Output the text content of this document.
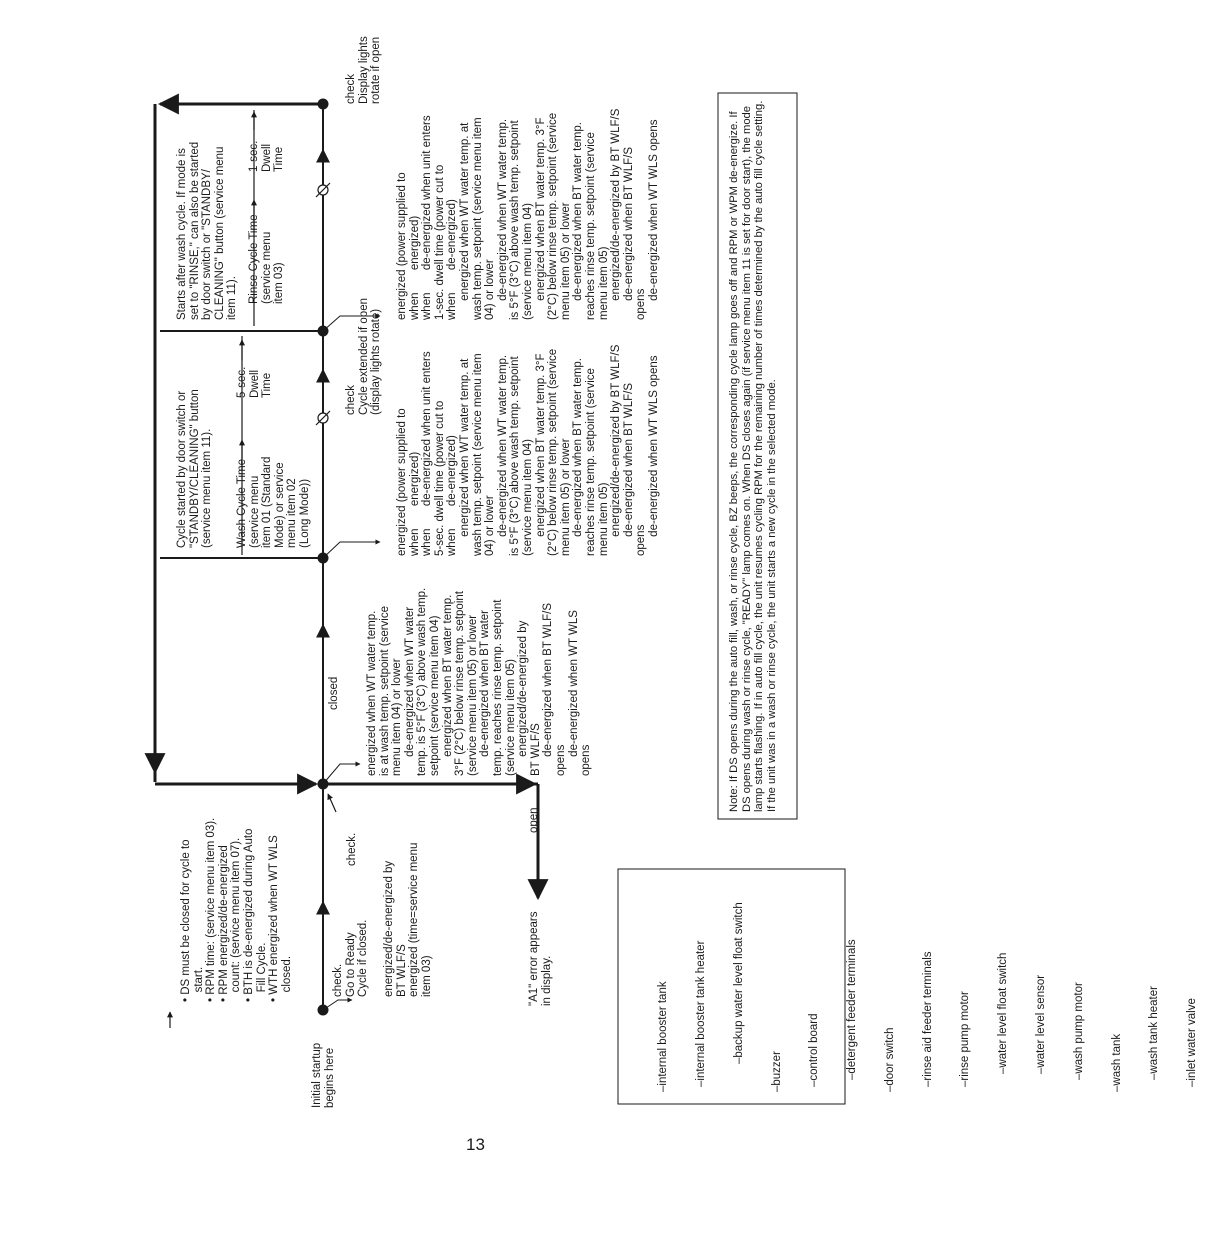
Initial startup
begins here
• DS must be closed for cycle to
start.
• RPM time: (service menu item 03).
• RPM energized/de-energized
count: (service menu item 07).
• BTH is de-energized during Auto
Fill Cycle.
• WTH energized when WT WLS
closed.	check.
Go to Ready
Cycle if closed.
check.
energized/de-energized by
BT WLF/S
energized (time=service menu
item 03)
open
closed
"A1" error appears
in display.
energized when WT water temp.
is at wash temp. setpoint (service
menu item 04) or lower
de-energized when WT water
temp. is 5°F (3°C) above wash temp.
setpoint (service menu item 04)
energized when BT water temp.
3°F (2°C) below rinse temp. setpoint
(service menu item 05) or lower
de-energized when BT water
temp. reaches rinse temp. setpoint
(service menu item 05)
energized/de-energized by
BT WLF/S
de-energized when BT WLF/S
opens
de-energized when WT WLS
opens
Cycle started by door switch or
"STANDBY/CLEANING" button
(service menu item 11).
Wash Cycle Time
(service menu
item 01 (Standard
Mode) or service
menu item 02
(Long Mode))
5-sec.
Dwell
Time	check
Cycle extended if open
(display lights rotate)
energized (power supplied to
when       energized)
when       de-energized when unit enters
5-sec. dwell time (power cut to
when       de-energized)
energized when WT water temp. at
wash temp. setpoint (service menu item
04) or lower
de-energized when WT water temp.
is 5°F (3°C) above wash temp. setpoint
(service menu item 04)
energized when BT water temp. 3°F
(2°C) below rinse temp. setpoint (service
menu item 05) or lower
de-energized when BT water temp.
reaches rinse temp. setpoint (service
menu item 05)
energized/de-energized by BT WLF/S
de-energized when BT WLF/S
opens
de-energized when WT WLS opens
Starts after wash cycle. If mode is
set to "RINSE," can also be started
by door switch or "STANDBY/
CLEANING" button (service menu
item 11). Rinse Cycle Time
(service menu
item 03)
1-sec.
Dwell
Time
check
Display lights
rotate if open
energized (power supplied to
when       energized)
when       de-energized when unit enters
1-sec. dwell time (power cut to
when       de-energized)
energized when WT water temp. at
wash temp. setpoint (service menu item
04) or lower
de-energized when WT water temp.
is 5°F (3°C) above wash temp. setpoint
(service menu item 04)
energized when BT water temp. 3°F
(2°C) below rinse temp. setpoint (service
menu item 05) or lower
de-energized when BT water temp.
reaches rinse temp. setpoint (service
menu item 05)
energized/de-energized by BT WLF/S
de-energized when BT WLF/S
opens
de-energized when WT WLS opens

–internal booster tank

–internal booster tank heater

–backup water level float switch

–buzzer

–control board

–detergent feeder terminals

–door switch

–rinse aid feeder terminals

–rinse pump motor

–water level float switch

–water level sensor

–wash pump motor

–wash tank

–wash tank heater

–inlet water valve

Note: If DS opens during the auto fill, wash, or rinse cycle, BZ beeps, the corresponding cycle lamp goes off and RPM or WPM de-energize. If DS opens during wash or rinse cycle, "READY" lamp comes on. When DS closes again (if service menu item 11 is set for door start), the mode lamp starts flashing. If in auto fill cycle, the unit resumes cycling RPM for the remaining number of times determined by the auto fill cycle setting. If the unit was in a wash or rinse cycle, the unit starts a new cycle in the selected mode.
13
